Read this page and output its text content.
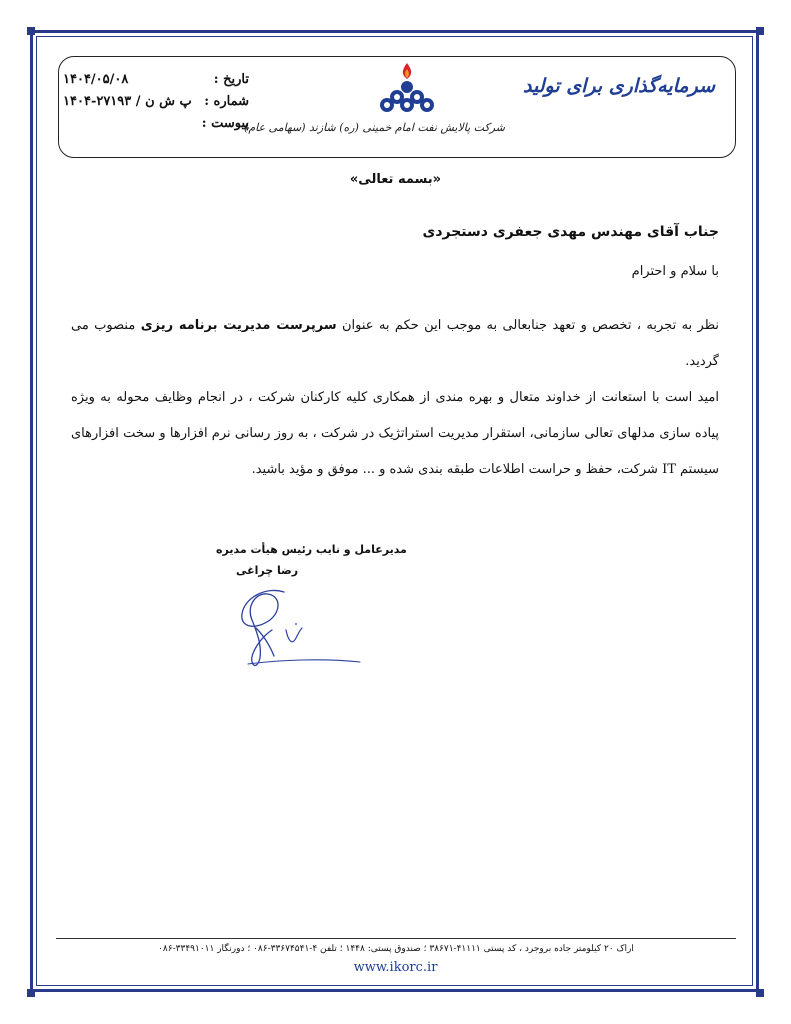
سرمایه‌گذاری برای تولید
شرکت پالایش نفت امام خمینی (ره) شازند (سهامی عام)
تاریخ :
شماره :
پیوست :
۱۴۰۴/۰۵/۰۸
پ ش ن / ۲۷۱۹۳-۱۴۰۴
«بسمه تعالی»
جناب آقای مهندس مهدی جعفری دستجردی
با سلام و احترام

نظر به تجربه ، تخصص و تعهد جنابعالی به موجب این حکم به عنوان سرپرست مدیریت برنامه ریزی منصوب می گردید.

امید است با استعانت از خداوند متعال و بهره مندی از همکاری کلیه کارکنان شرکت ، در انجام وظایف محوله به ویژه پیاده سازی مدلهای تعالی سازمانی، استقرار مدیریت استراتژیک در شرکت ، به روز رسانی نرم افزارها و سخت افزارهای سیستم IT شرکت، حفظ و حراست اطلاعات طبقه بندی شده و ... موفق و مؤید باشید.

مدیرعامل و نایب رئیس هیأت مدیره
رضا چراغی
اراک ۲۰ کیلومتر جاده بروجرد ، کد پستی ۴۱۱۱۱-۳۸۶۷۱ ؛ صندوق پستی: ۱۴۴۸ ؛ تلفن ۴-۳۳۶۷۴۵۴۱-۰۸۶ ؛ دورنگار ۳۳۴۹۱۰۱۱-۰۸۶
www.ikorc.ir
